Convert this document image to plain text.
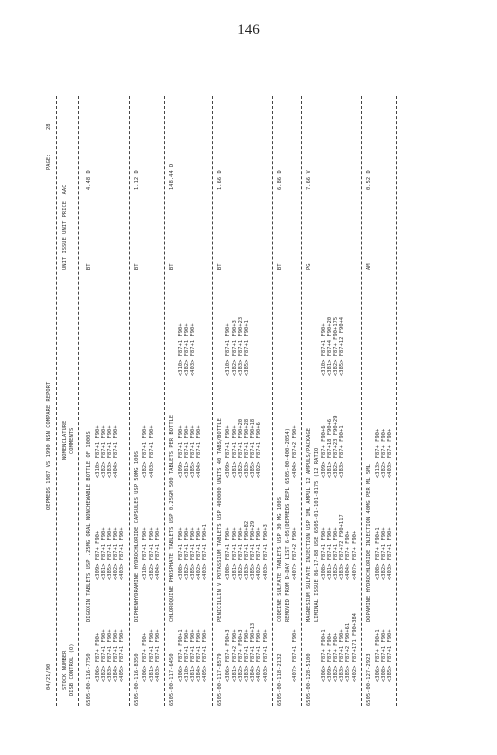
146
04/21/90
OEPMEDS 1987 VS 1990 NSN COMPARE REPORT
PAGE:
28
STOCK NUMBER DISB CONTROL (O)
NOMENCLATURE COMMENTS
UNIT ISSUE UNIT PRICE  AAC
6505-00-116-7750
DIGOXIN TABLETS USP .25MG ORAL NONCHEWABLE BOTTLE OF 1000S
BT
4.48 D
<306> F87+ F90+ <382> F87+1 F90+ <383> F87+1 F90+ <384> F87+1 F90+ <405> F87+1 F90+
<309> F87+ F90+ <381> F87+1 F90+ <385> F87+1 F90+ <402> F87+1 F90+ <403> F87+1 F90+
<310> F87+1 F90+ <382> F87+1 F90+ <383> F87+1 F90+ <404> F87+1 F90+
6505-00-116-8350
DIPHENHYDRAMINE HYDROCHLORIDE CAPSULES USP 50MG 100S
BT
1.12 D
<306> F87+ F90+ <381> F87+1 F90+ <403> F87+1 F90+
<310> F87+1 F90+ <382> F87+1 F90+ <404> F87+1 F90+
<382> F87+1 F90+ <403> F87+1 F90+
6505-00-117-6450
CHLOROQUINE PHOSPHATE TABLETS USP 0.25GM 500 TABLETS PER BOTTLE
BT
148.44 D
<306> F87+ F90+1 <310> F87+1 F90+ <381> F87+1 F90+ <384> F87+1 F90+ <405> F87+1 F90+
<308> F87+1 F90+ <382> F87+1 F90+ <385> F87+1 F90+ <402> F87+1 F90+ <403> F87+1 F90+1
<309> F87+1 F90+ <381> F87+1 F90+ <385> F87+1 F90+ <404> F87+1 F90+
<310> F87+1 F90+ <382> F87+1 F90+ <403> F87+1 F90+
6505-00-117-8579
PENICILLIN V POTASSIUM TABLETS USP 400000 UNITS 40 TABS/BOTTLE
BT
1.66 D
<306> F87+ F90+3 <381> F87+2 F90+ <382> F87+ F90+3 <383> F87+1 F90+ <384> F87+1 F90+13 <402> F87+1 F90+ <403> F87+1 F90+
<308> F87+1 F90+ <381> F87+1 F90+ <382> F87+1 F90+ <383> F87+1 F90+82 <385> F87+1 F90+29 <402> F87+1 F90+ <403> F87+1 F90+3
<309> F87+1 F90+ <381> F87+1 F90+ <382> F87+1 F90+20 <383> F87+1 F90+28 <385> F87+1 F90+18 <402> F87+1 F90+6
<310> F87+1 F90+ <382> F87+1 F90+3 <383> F87+1 F90+23 <385> F87+1 F90+1
6505-00-118-2132
CODEINE SULFATE TABLETS USP 30 MG 100S
BT
6.86 D
REMOVED FROM D-DAY LIST 6-05(DEPMEDS REPL 6505-00-400-2054)
<407> F87+1 F90+
<407> F87+2 F90+
<404> F87+2 F90+
6505-00-128-5100
MAGNESIUM SULFATE INJECTION USP 1ML AMPUL 12 AMPULS/PACKAGE
PG
7.66 V
LIMINAL ISSUE 86-17-88 USE 6505-01-101-8175 (12 RATIO
<306> F87+ F90+1 <309> F87+ F90+ <382> F87+ F90+ <383> F87+1 F90+ <385> F87+2 F90+61 <402> F87+171 F90+384
<308> F87+1 F90+ <381> F87+1 F90+ <382> F87+1 F90+ <383> F87+72 F90+117 <404> F87+ F90+ <407> F87+ F90+
<309> F87+ F90+6 <381> F87+18 F90+6 <382> F87+23 F90+29 <383> F87+ F90+1
<310> F87+1 F90+ <381> F87+4 F90+20 <382> F87+ F90+175 <385> F87+12 F90+4
6505-00-127-2923
DOPAMINE HYDROCHLORIDE INJECTION 40MG PER ML 5ML
AM
0.52 D
<306> F87+ F90+1 <308> F87+1 F90+ <385> F87+1 F90+
<308> F87+ F90+1 <382> F87+1 F90+ <403> F87+1 F90+
<313> F87+ F90+ <382> F87+ F90+ <403> F87+ F90+
